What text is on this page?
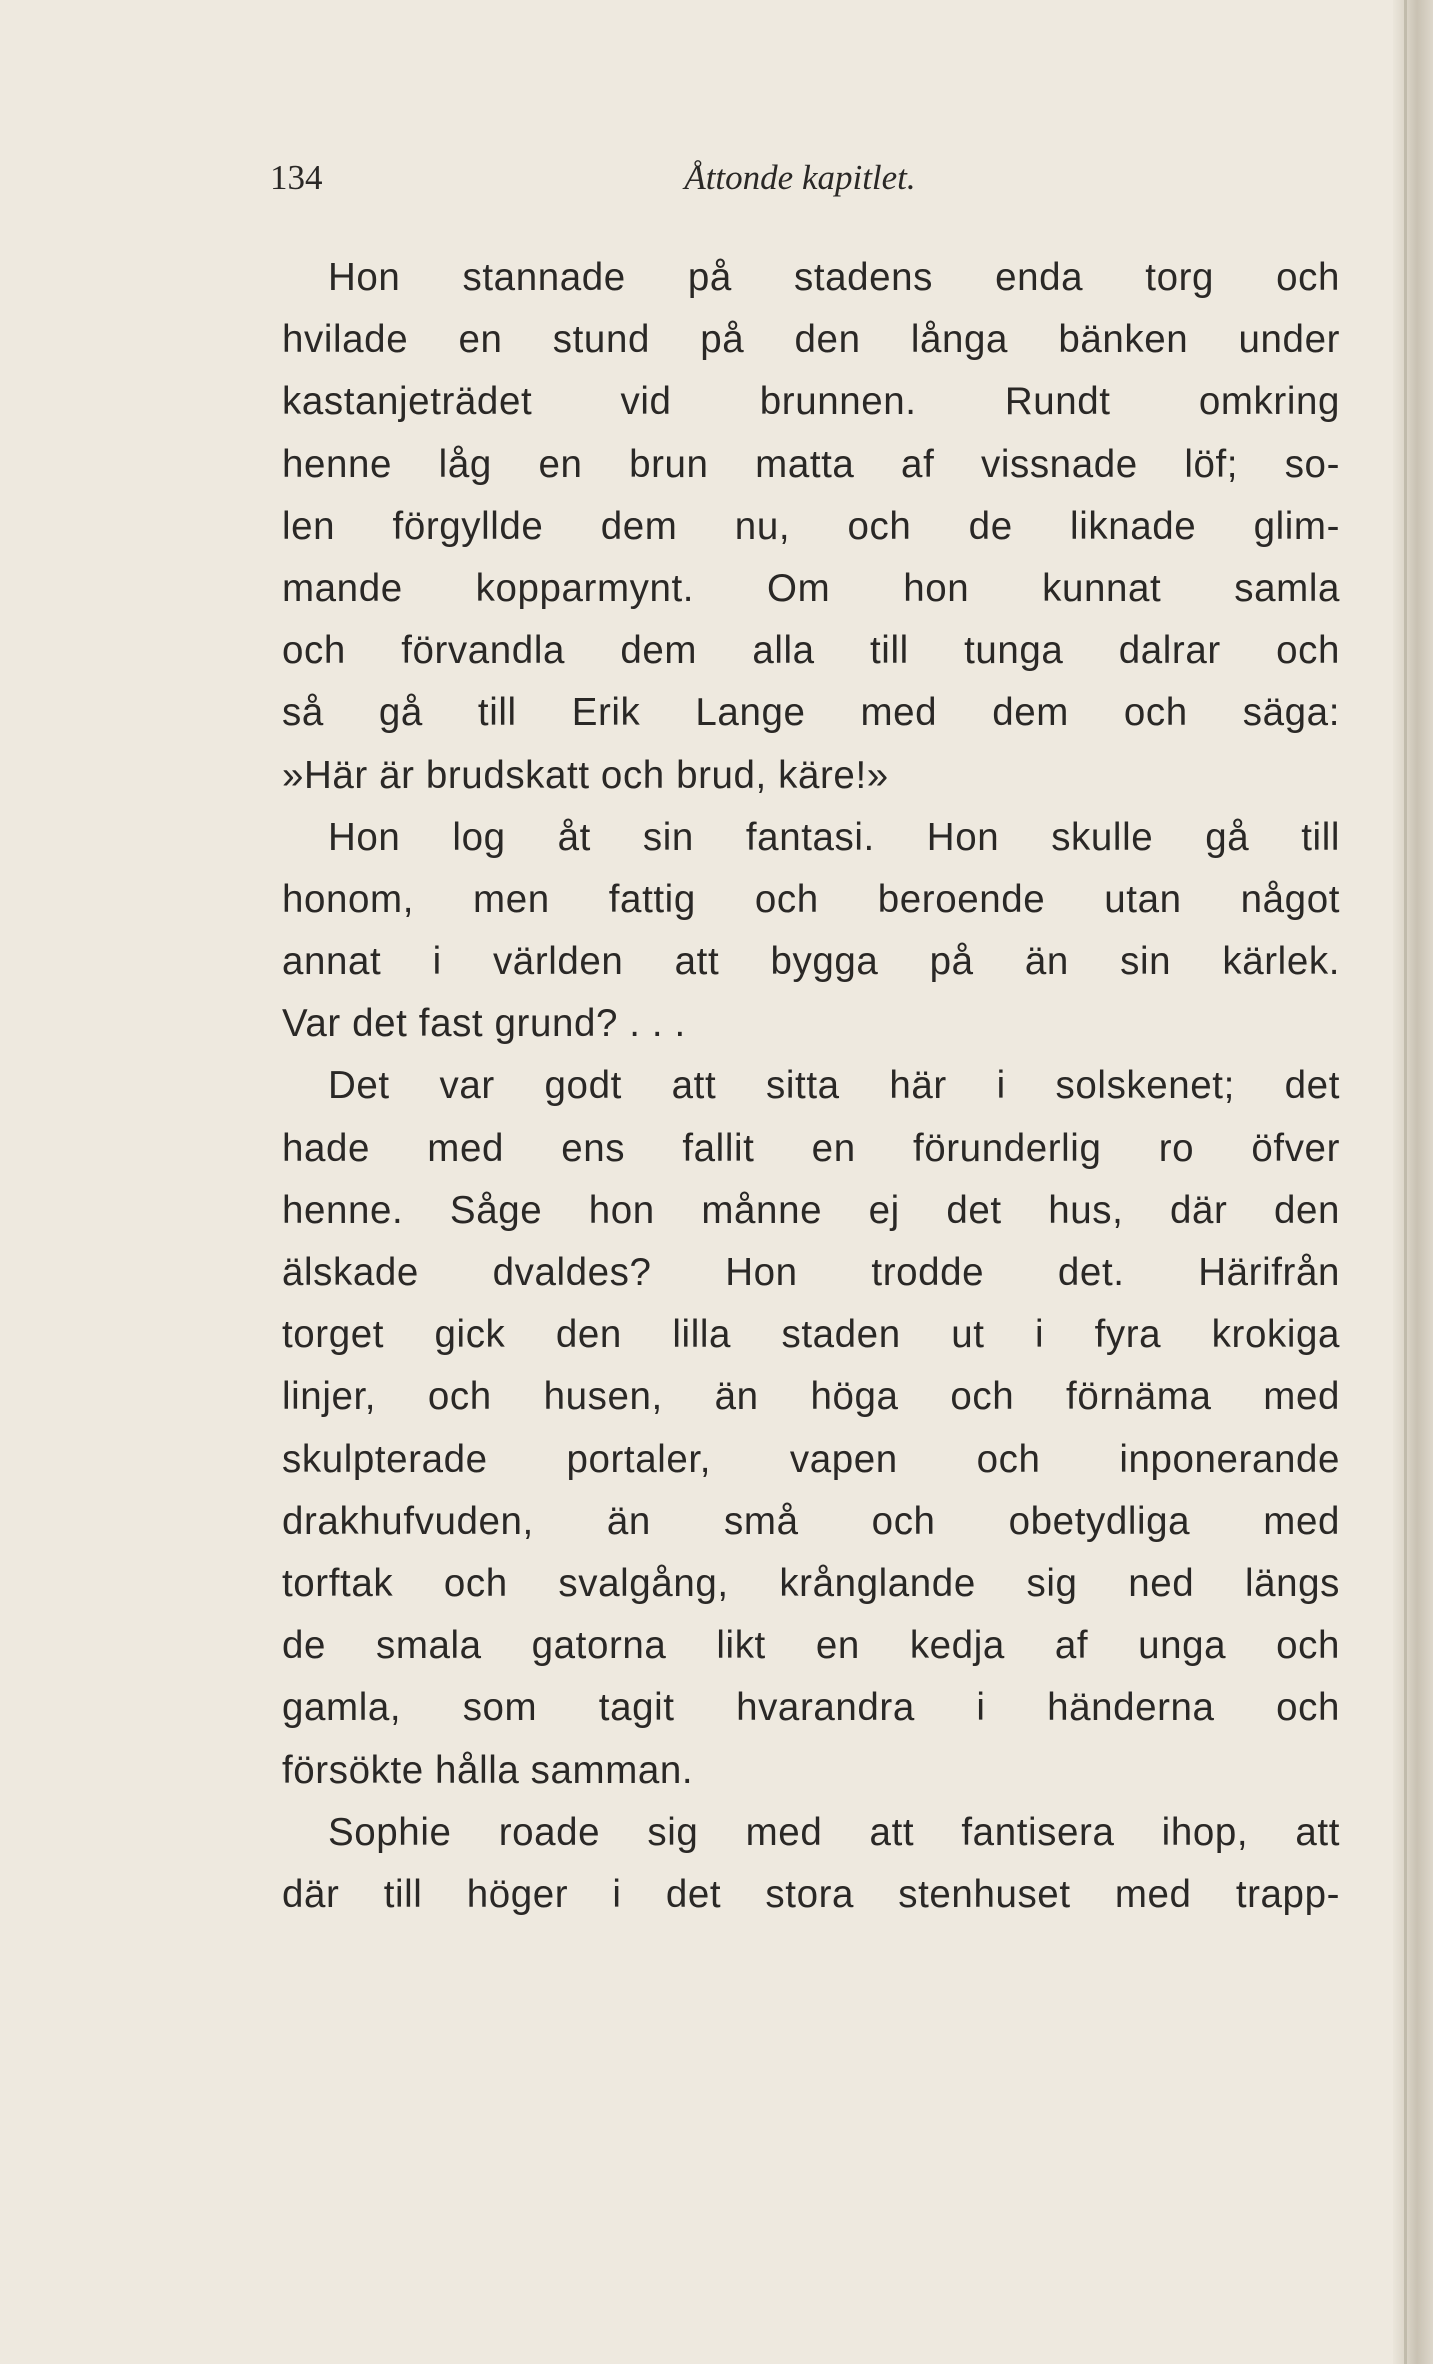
134	Åttonde kapitlet.
Hon stannade på stadens enda torg och
hvilade en stund på den långa bänken under
kastanjeträdet vid brunnen. Rundt omkring
henne låg en brun matta af vissnade löf; so-
len förgyllde dem nu, och de liknade glim-
mande kopparmynt. Om hon kunnat samla
och förvandla dem alla till tunga dalrar och
så gå till Erik Lange med dem och säga:
»Här är brudskatt och brud, käre!»
Hon log åt sin fantasi. Hon skulle gå till
honom, men fattig och beroende utan något
annat i världen att bygga på än sin kärlek.
Var det fast grund? . . .
Det var godt att sitta här i solskenet; det
hade med ens fallit en förunderlig ro öfver
henne. Såge hon månne ej det hus, där den
älskade dvaldes? Hon trodde det. Härifrån
torget gick den lilla staden ut i fyra krokiga
linjer, och husen, än höga och förnäma med
skulpterade portaler, vapen och inponerande
drakhufvuden, än små och obetydliga med
torftak och svalgång, krånglande sig ned längs
de smala gatorna likt en kedja af unga och
gamla, som tagit hvarandra i händerna och
försökte hålla samman.
Sophie roade sig med att fantisera ihop, att
där till höger i det stora stenhuset med trapp-
